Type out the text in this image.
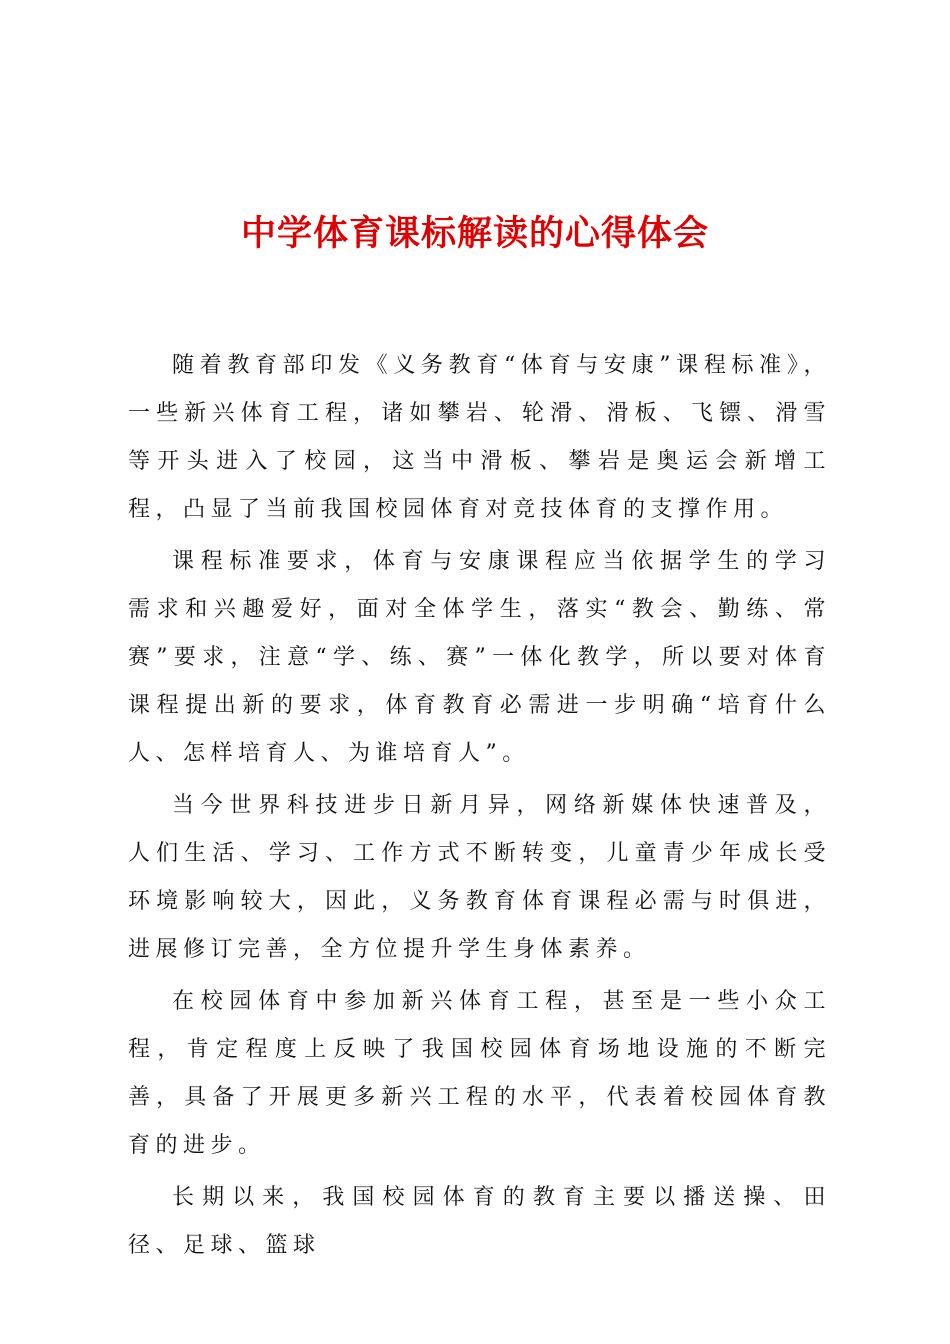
中学体育课标解读的心得体会

随着教育部印发《义务教育“体育与安康”课程标准》，一些新兴体育工程，诸如攀岩、轮滑、滑板、飞镖、滑雪等开头进入了校园，这当中滑板、攀岩是奥运会新增工程，凸显了当前我国校园体育对竞技体育的支撑作用。

课程标准要求，体育与安康课程应当依据学生的学习需求和兴趣爱好，面对全体学生，落实“教会、勤练、常赛”要求，注意“学、练、赛”一体化教学，所以要对体育课程提出新的要求，体育教育必需进一步明确“培育什么人、怎样培育人、为谁培育人”。

当今世界科技进步日新月异，网络新媒体快速普及，人们生活、学习、工作方式不断转变，儿童青少年成长受环境影响较大，因此，义务教育体育课程必需与时俱进，进展修订完善，全方位提升学生身体素养。

在校园体育中参加新兴体育工程，甚至是一些小众工程，肯定程度上反映了我国校园体育场地设施的不断完善，具备了开展更多新兴工程的水平，代表着校园体育教育的进步。

长期以来，我国校园体育的教育主要以播送操、田径、足球、篮球
